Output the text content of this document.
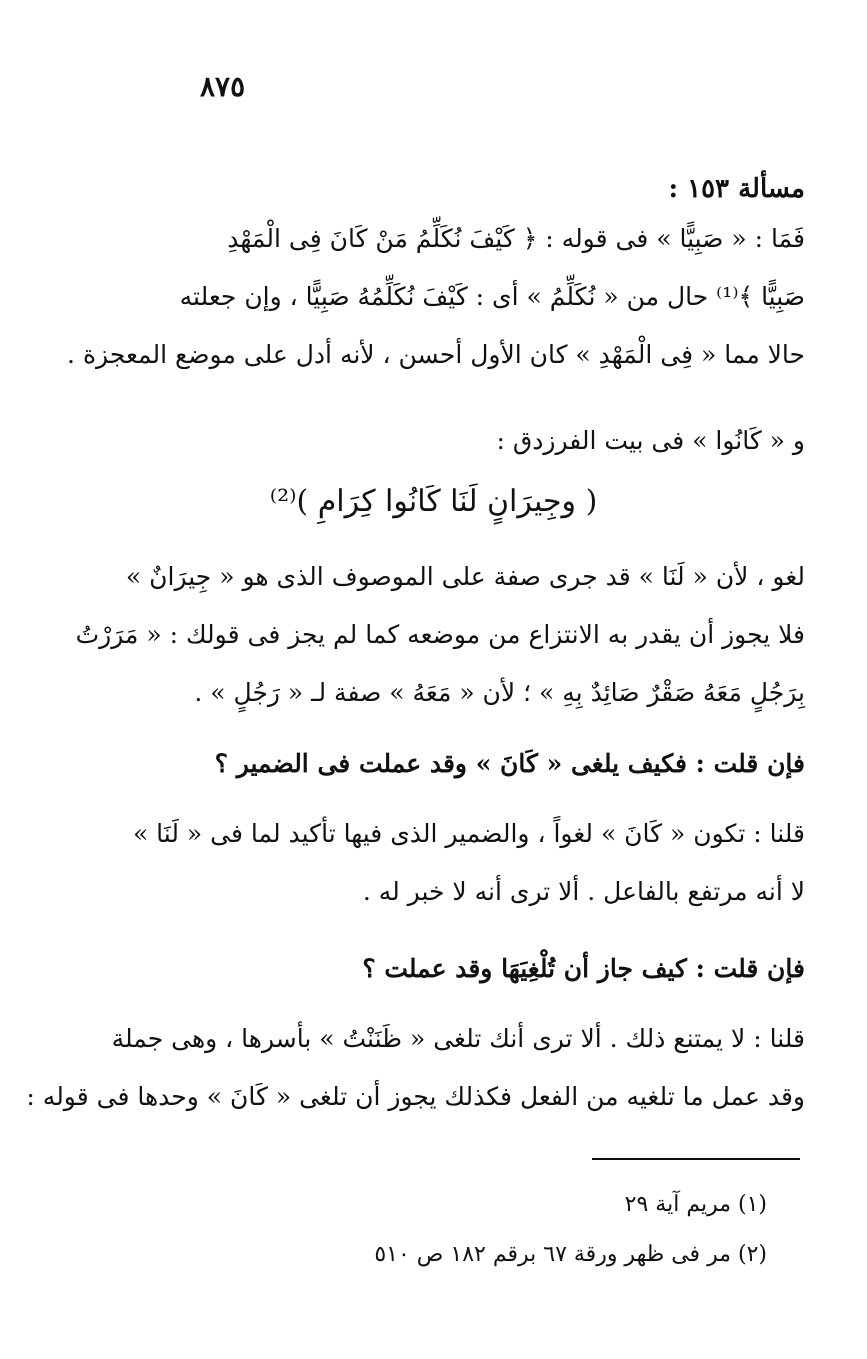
٨٧٥
مسألة ١٥٣ :
فَمَا : « صَبِيًّا » فى قوله : ﴿ كَيْفَ نُكَلِّمُ مَنْ كَانَ فِى الْمَهْدِ
صَبِيًّا ﴾⁽¹⁾ حال من « نُكَلِّمُ » أى : كَيْفَ نُكَلِّمُهُ صَبِيًّا ، وإن جعلته
حالا مما « فِى الْمَهْدِ » كان الأول أحسن ، لأنه أدل على موضع المعجزة .
و « كَانُوا » فى بيت الفرزدق :
( وجِيرَانٍ لَنَا كَانُوا كِرَامِ )⁽²⁾
لغو ، لأن « لَنَا » قد جرى صفة على الموصوف الذى هو « جِيرَانٌ »
فلا يجوز أن يقدر به الانتزاع من موضعه كما لم يجز فى قولك : « مَرَرْتُ
بِرَجُلٍ مَعَهُ صَقْرٌ صَائِدٌ بِهِ » ؛ لأن « مَعَهُ » صفة لـ « رَجُلٍ » .
فإن قلت : فكيف يلغى « كَانَ » وقد عملت فى الضمير ؟
قلنا : تكون « كَانَ » لغواً ، والضمير الذى فيها تأكيد لما فى « لَنَا »
لا أنه مرتفع بالفاعل . ألا ترى أنه لا خبر له .
فإن قلت : كيف جاز أن تُلْغِيَهَا وقد عملت ؟
قلنا : لا يمتنع ذلك . ألا ترى أنك تلغى « ظَنَنْتُ » بأسرها ، وهى جملة
وقد عمل ما تلغيه من الفعل فكذلك يجوز أن تلغى « كَانَ » وحدها فى قوله :
(١) مريم آية ٢٩
(٢) مر فى ظهر ورقة ٦٧ برقم ١٨٢ ص ٥١٠
